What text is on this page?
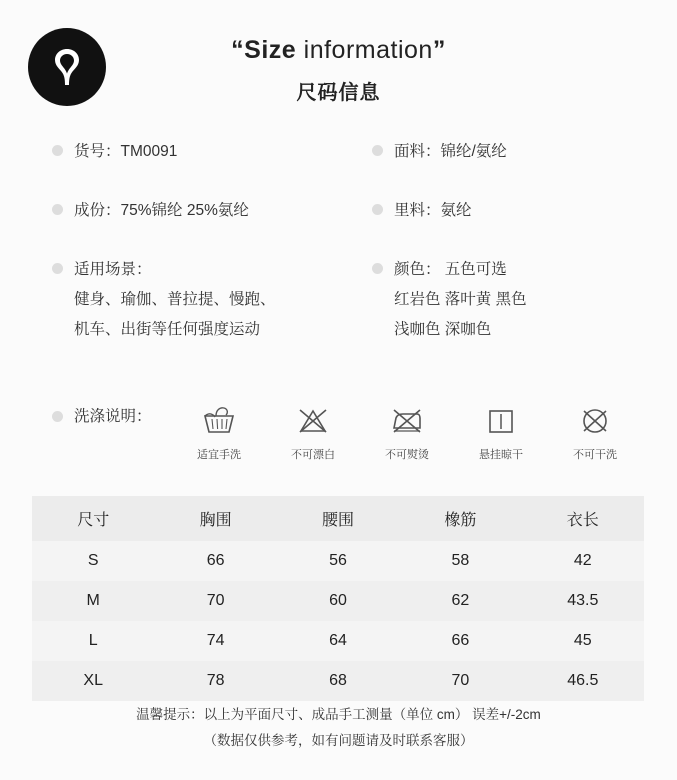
“Size information”
尺码信息
货号：TM0091
成份：75%锦纶 25%氨纶
适用场景：
健身、瑜伽、普拉提、慢跑、
机车、出街等任何强度运动
面料：锦纶/氨纶
里料：氨纶
颜色： 五色可选
红岩色 落叶黄 黑色
浅咖色 深咖色
洗涤说明：
适宜手洗	不可漂白	不可熨烫	悬挂晾干	不可干洗
尺寸	胸围	腰围	橡筋	衣长
S	66	56	58	42
M	70	60	62	43.5
L	74	64	66	45
XL	78	68	70	46.5
温馨提示：以上为平面尺寸、成品手工测量（单位 cm） 误差+/-2cm
（数据仅供参考，如有问题请及时联系客服）
